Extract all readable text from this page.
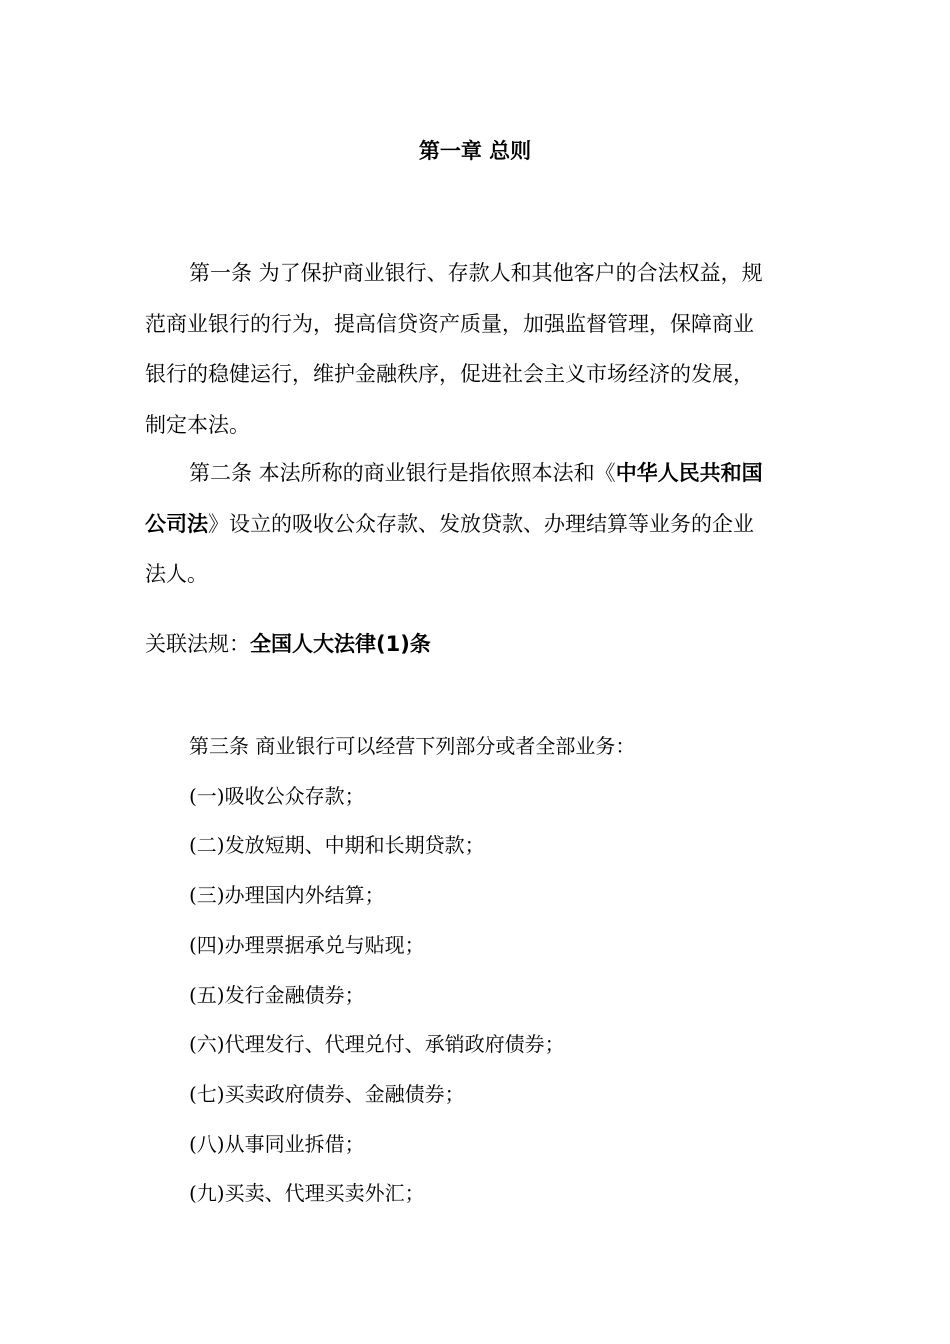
第一章 总则
第一条 为了保护商业银行、存款人和其他客户的合法权益，规
范商业银行的行为，提高信贷资产质量，加强监督管理，保障商业
银行的稳健运行，维护金融秩序，促进社会主义市场经济的发展，
制定本法。
第二条 本法所称的商业银行是指依照本法和《中华人民共和国
公司法》设立的吸收公众存款、发放贷款、办理结算等业务的企业
法人。
关联法规：全国人大法律(1)条
第三条 商业银行可以经营下列部分或者全部业务：
(一)吸收公众存款；
(二)发放短期、中期和长期贷款；
(三)办理国内外结算；
(四)办理票据承兑与贴现；
(五)发行金融债券；
(六)代理发行、代理兑付、承销政府债券；
(七)买卖政府债券、金融债券；
(八)从事同业拆借；
(九)买卖、代理买卖外汇；
